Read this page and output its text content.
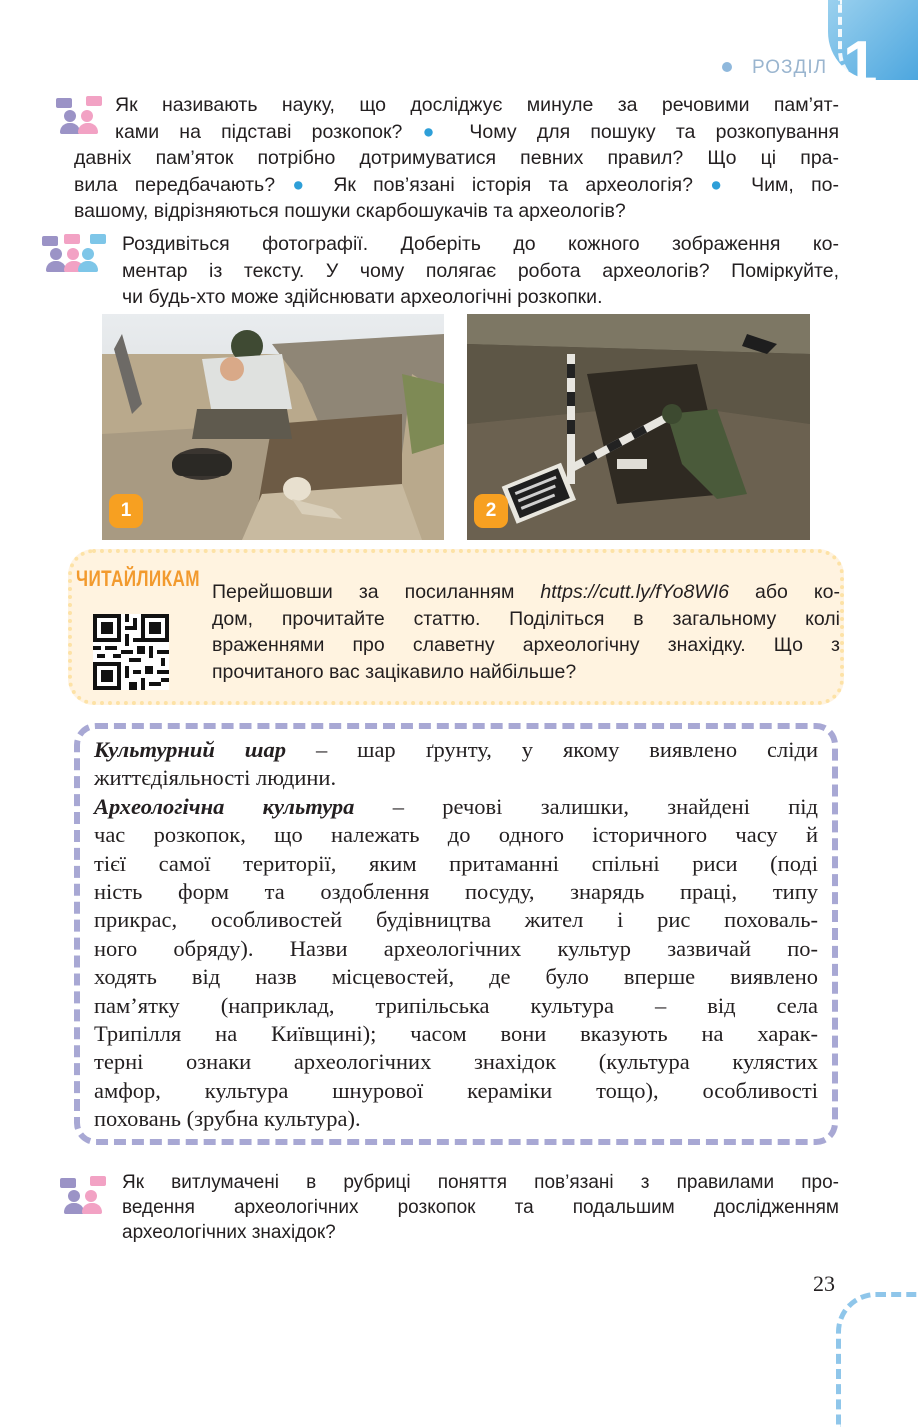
РОЗДІЛ 1
Як називають науку, що досліджує минуле за речовими пам’ят-
ками на підставі розкопок? ● Чому для пошуку та розкопування
давніх пам’яток потрібно дотримуватися певних правил? Що ці пра-
вила передбачають? ● Як пов’язані історія та археологія? ● Чим, по-
вашому, відрізняються пошуки скарбошукачів та археологів?
Роздивіться фотографії. Доберіть до кожного зображення ко-
ментар із тексту. У чому полягає робота археологів? Поміркуйте,
чи будь-хто може здійснювати археологічні розкопки.
1	2
ЧИТАЙЛИКАМ
Перейшовши за посиланням https://cutt.ly/fYo8WI6 або ко-
дом, прочитайте статтю. Поділіться в загальному колі
враженнями про славетну археологічну знахідку. Що з
прочитаного вас зацікавило найбільше?
Культурний шар – шар ґрунту, у якому виявлено сліди
життєдіяльності людини.
Археологічна культура – речові залишки, знайдені під
час розкопок, що належать до одного історичного часу й
тієї самої території, яким притаманні спільні риси (поді
ність форм та оздоблення посуду, знарядь праці, типу
прикрас, особливостей будівництва жител і рис поховаль-
ного обряду). Назви археологічних культур зазвичай по-
ходять від назв місцевостей, де було вперше виявлено
пам’ятку (наприклад, трипільська культура – від села
Трипілля на Київщині); часом вони вказують на харак-
терні ознаки археологічних знахідок (культура кулястих
амфор, культура шнурової кераміки тощо), особливості
поховань (зрубна культура).
Як витлумачені в рубриці поняття пов’язані з правилами про-
ведення археологічних розкопок та подальшим дослідженням
археологічних знахідок?
23
